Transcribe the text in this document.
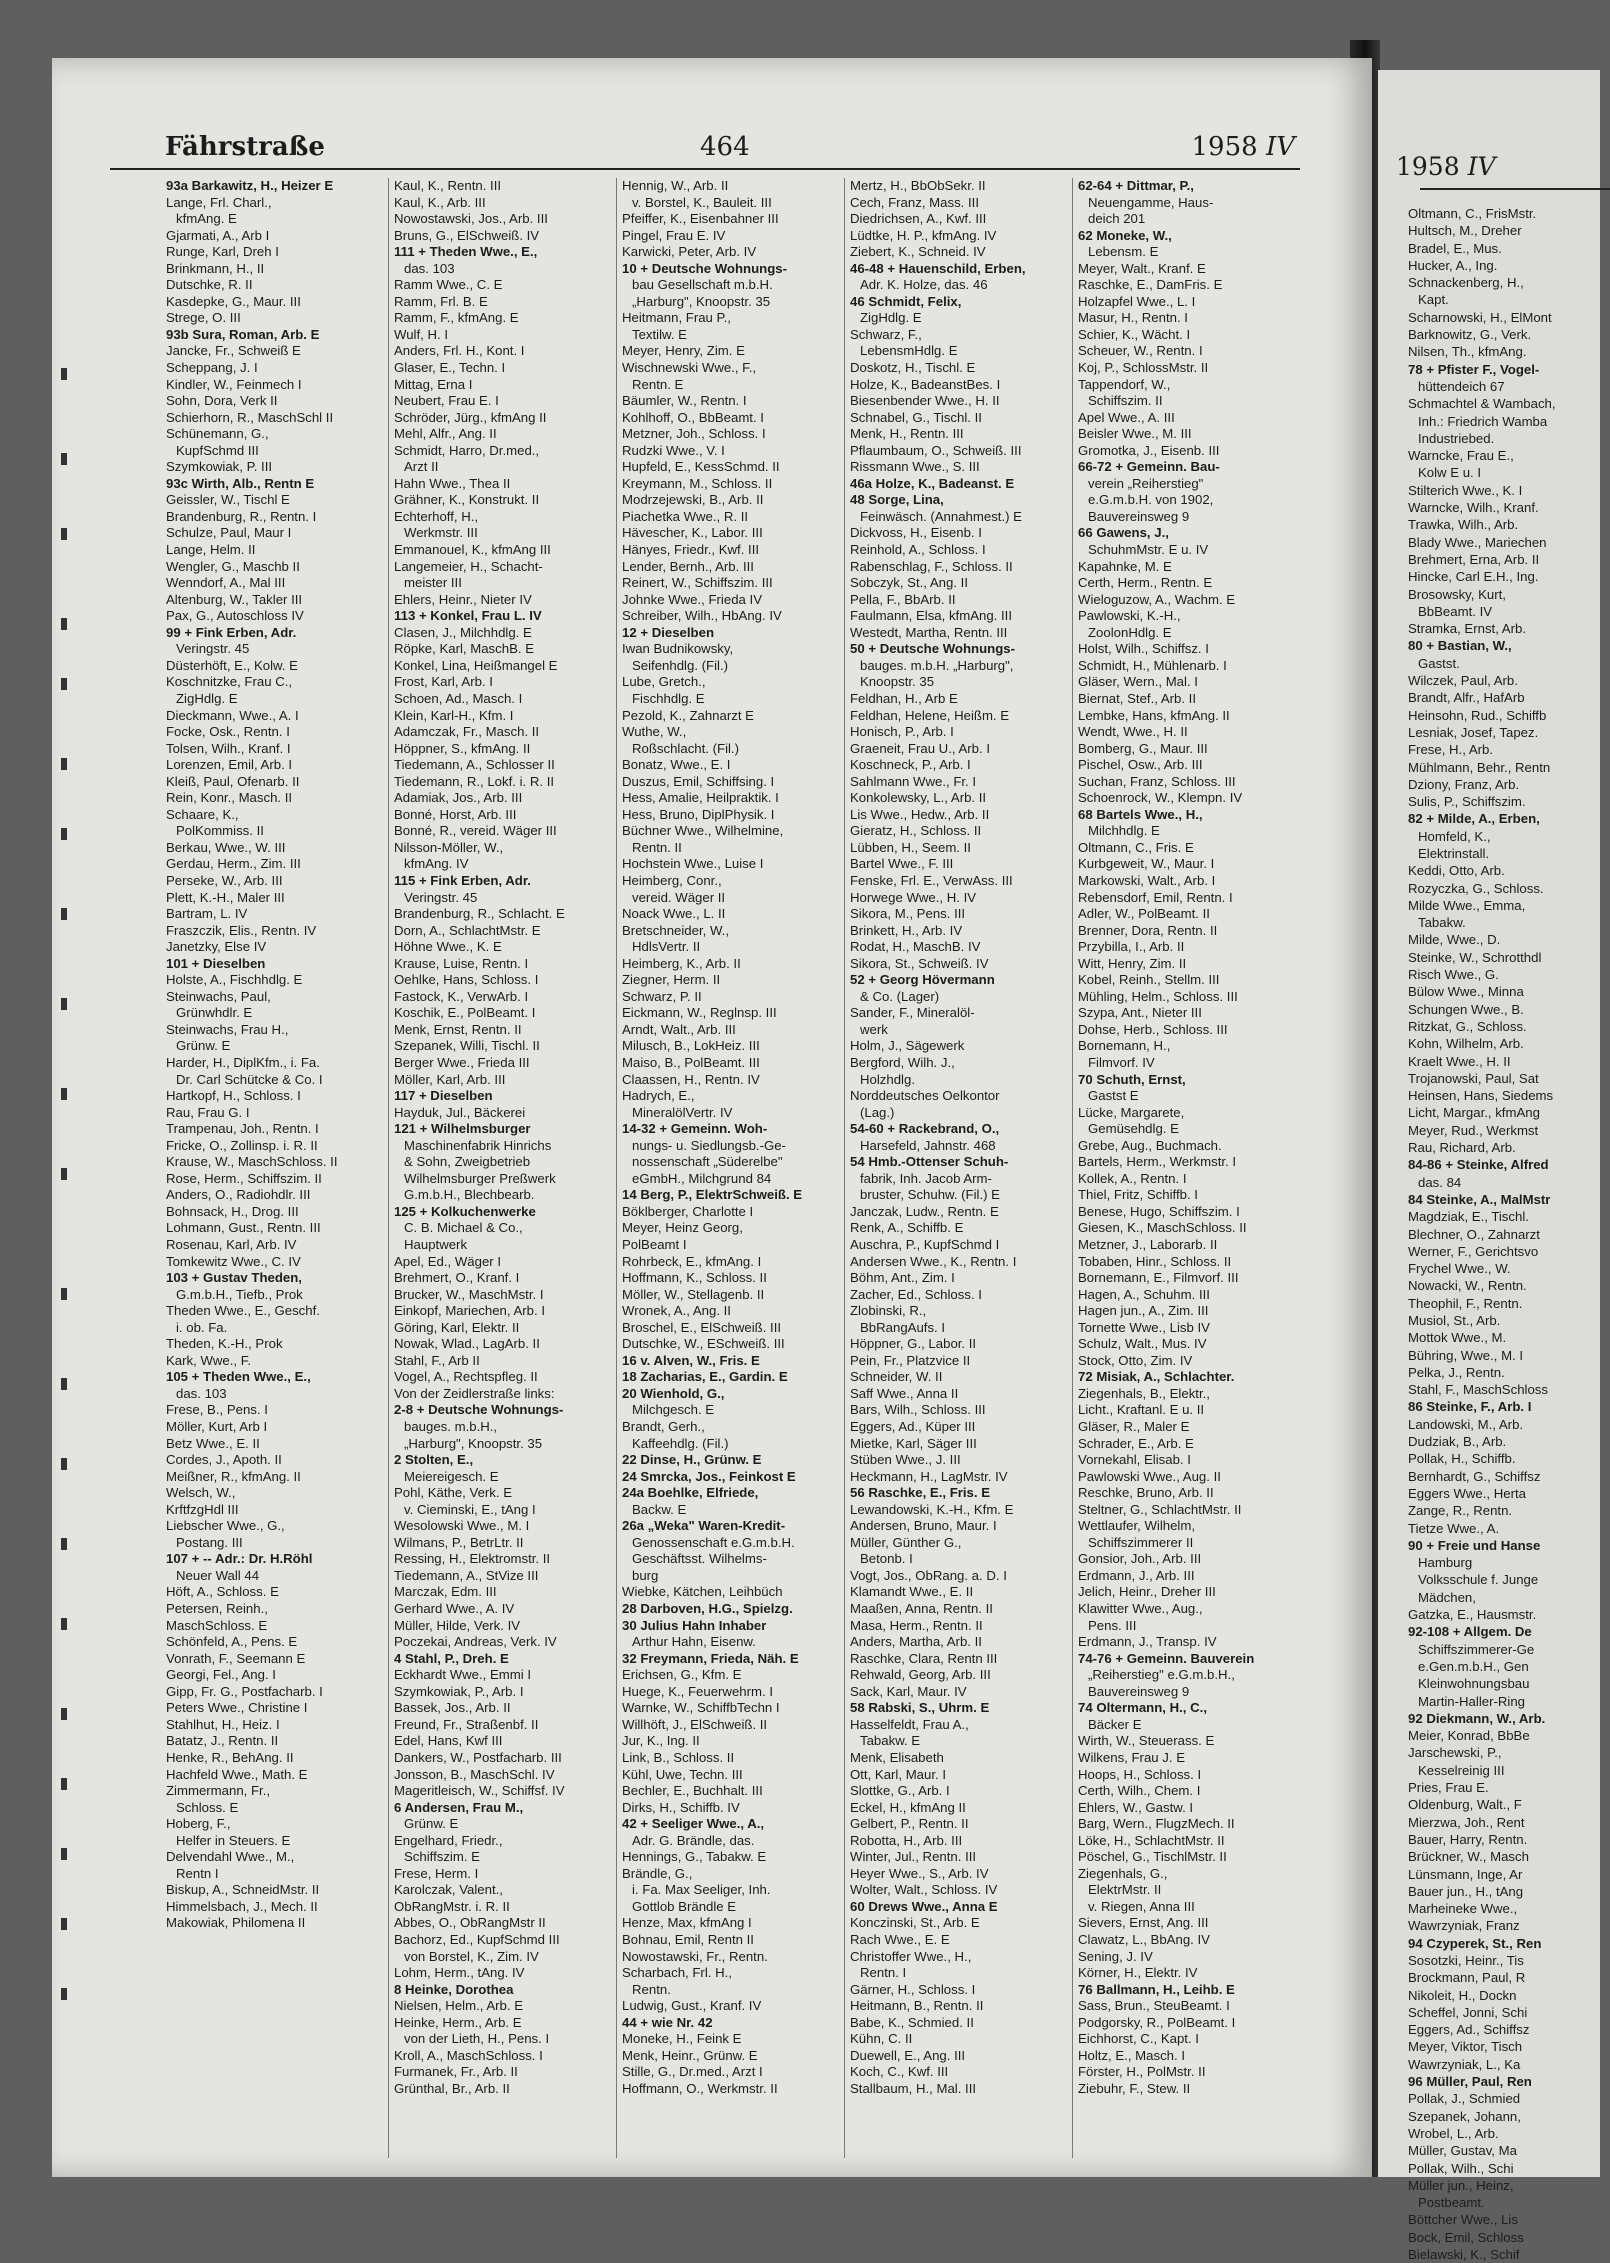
Fährstraße	464	1958 IV
93a Barkawitz, H., Heizer E
Lange, Frl. Charl.,
kfmAng. E
Gjarmati, A., Arb I
Runge, Karl, Dreh I
Brinkmann, H., II
Dutschke, R. II
Kasdepke, G., Maur. III
Strege, O. III
93b Sura, Roman, Arb. E
Jancke, Fr., Schweiß E
Scheppang, J. I
Kindler, W., Feinmech I
Sohn, Dora, Verk II
Schierhorn, R., MaschSchl II
Schünemann, G.,
KupfSchmd III
Szymkowiak, P. III
93c Wirth, Alb., Rentn E
Geissler, W., Tischl E
Brandenburg, R., Rentn. I
Schulze, Paul, Maur I
Lange, Helm. II
Wengler, G., Maschb II
Wenndorf, A., Mal III
Altenburg, W., Takler III
Pax, G., Autoschloss IV
99 + Fink Erben, Adr.
Veringstr. 45
Düsterhöft, E., Kolw. E
Koschnitzke, Frau C.,
ZigHdlg. E
Dieckmann, Wwe., A. I
Focke, Osk., Rentn. I
Tolsen, Wilh., Kranf. I
Lorenzen, Emil, Arb. I
Kleiß, Paul, Ofenarb. II
Rein, Konr., Masch. II
Schaare, K.,
PolKommiss. II
Berkau, Wwe., W. III
Gerdau, Herm., Zim. III
Perseke, W., Arb. III
Plett, K.-H., Maler III
Bartram, L. IV
Fraszczik, Elis., Rentn. IV
Janetzky, Else IV
101 + Dieselben
Holste, A., Fischhdlg. E
Steinwachs, Paul,
Grünwhdlr. E
Steinwachs, Frau H.,
Grünw. E
Harder, H., DiplKfm., i. Fa.
Dr. Carl Schütcke & Co. I
Hartkopf, H., Schloss. I
Rau, Frau G. I
Trampenau, Joh., Rentn. I
Fricke, O., Zollinsp. i. R. II
Krause, W., MaschSchloss. II
Rose, Herm., Schiffszim. II
Anders, O., Radiohdlr. III
Bohnsack, H., Drog. III
Lohmann, Gust., Rentn. III
Rosenau, Karl, Arb. IV
Tomkewitz Wwe., C. IV
103 + Gustav Theden,
G.m.b.H., Tiefb., Prok
Theden Wwe., E., Geschf.
i. ob. Fa.
Theden, K.-H., Prok
Kark, Wwe., F.
105 + Theden Wwe., E.,
das. 103
Frese, B., Pens. I
Möller, Kurt, Arb I
Betz Wwe., E. II
Cordes, J., Apoth. II
Meißner, R., kfmAng. II
Welsch, W.,
KrftfzgHdl III
Liebscher Wwe., G.,
Postang. III
107 + -- Adr.: Dr. H.Röhl
Neuer Wall 44
Höft, A., Schloss. E
Petersen, Reinh.,
MaschSchloss. E
Schönfeld, A., Pens. E
Vonrath, F., Seemann E
Georgi, Fel., Ang. I
Gipp, Fr. G., Postfacharb. I
Peters Wwe., Christine I
Stahlhut, H., Heiz. I
Batatz, J., Rentn. II
Henke, R., BehAng. II
Hachfeld Wwe., Math. E
Zimmermann, Fr.,
Schloss. E
Hoberg, F.,
Helfer in Steuers. E
Delvendahl Wwe., M.,
Rentn I
Biskup, A., SchneidMstr. II
Himmelsbach, J., Mech. II
Makowiak, Philomena II
Kaul, K., Rentn. III
Kaul, K., Arb. III
Nowostawski, Jos., Arb. III
Bruns, G., ElSchweiß. IV
111 + Theden Wwe., E.,
das. 103
Ramm Wwe., C. E
Ramm, Frl. B. E
Ramm, F., kfmAng. E
Wulf, H. I
Anders, Frl. H., Kont. I
Glaser, E., Techn. I
Mittag, Erna I
Neubert, Frau E. I
Schröder, Jürg., kfmAng II
Mehl, Alfr., Ang. II
Schmidt, Harro, Dr.med.,
Arzt II
Hahn Wwe., Thea II
Grähner, K., Konstrukt. II
Echterhoff, H.,
Werkmstr. III
Emmanouel, K., kfmAng III
Langemeier, H., Schacht-
meister III
Ehlers, Heinr., Nieter IV
113 + Konkel, Frau L. IV
Clasen, J., Milchhdlg. E
Röpke, Karl, MaschB. E
Konkel, Lina, Heißmangel E
Frost, Karl, Arb. I
Schoen, Ad., Masch. I
Klein, Karl-H., Kfm. I
Adamczak, Fr., Masch. II
Höppner, S., kfmAng. II
Tiedemann, A., Schlosser II
Tiedemann, R., Lokf. i. R. II
Adamiak, Jos., Arb. III
Bonné, Horst, Arb. III
Bonné, R., vereid. Wäger III
Nilsson-Möller, W.,
kfmAng. IV
115 + Fink Erben, Adr.
Veringstr. 45
Brandenburg, R., Schlacht. E
Dorn, A., SchlachtMstr. E
Höhne Wwe., K. E
Krause, Luise, Rentn. I
Oehlke, Hans, Schloss. I
Fastock, K., VerwArb. I
Koschik, E., PolBeamt. I
Menk, Ernst, Rentn. II
Szepanek, Willi, Tischl. II
Berger Wwe., Frieda III
Möller, Karl, Arb. III
117 + Dieselben
Hayduk, Jul., Bäckerei
121 + Wilhelmsburger
Maschinenfabrik Hinrichs
& Sohn, Zweigbetrieb
Wilhelmsburger Preßwerk
G.m.b.H., Blechbearb.
125 + Kolkuchenwerke
C. B. Michael & Co.,
Hauptwerk
Apel, Ed., Wäger I
Brehmert, O., Kranf. I
Brucker, W., MaschMstr. I
Einkopf, Mariechen, Arb. I
Göring, Karl, Elektr. II
Nowak, Wlad., LagArb. II
Stahl, F., Arb II
Vogel, A., Rechtspfleg. II
Von der Zeidlerstraße links:
2-8 + Deutsche Wohnungs-
bauges. m.b.H.,
„Harburg", Knoopstr. 35
2 Stolten, E.,
Meiereigesch. E
Pohl, Käthe, Verk. E
v. Cieminski, E., tAng I
Wesolowski Wwe., M. I
Wilmans, P., BetrLtr. II
Ressing, H., Elektromstr. II
Tiedemann, A., StVize III
Marczak, Edm. III
Gerhard Wwe., A. IV
Müller, Hilde, Verk. IV
Poczekai, Andreas, Verk. IV
4 Stahl, P., Dreh. E
Eckhardt Wwe., Emmi I
Szymkowiak, P., Arb. I
Bassek, Jos., Arb. II
Freund, Fr., Straßenbf. II
Edel, Hans, Kwf III
Dankers, W., Postfacharb. III
Jonsson, B., MaschSchl. IV
Mageritleisch, W., Schiffsf. IV
6 Andersen, Frau M.,
Grünw. E
Engelhard, Friedr.,
Schiffszim. E
Frese, Herm. I
Karolczak, Valent.,
ObRangMstr. i. R. II
Abbes, O., ObRangMstr II
Bachorz, Ed., KupfSchmd III
von Borstel, K., Zim. IV
Lohm, Herm., tAng. IV
8 Heinke, Dorothea
Nielsen, Helm., Arb. E
Heinke, Herm., Arb. E
von der Lieth, H., Pens. I
Kroll, A., MaschSchloss. I
Furmanek, Fr., Arb. II
Grünthal, Br., Arb. II
Hennig, W., Arb. II
v. Borstel, K., Bauleit. III
Pfeiffer, K., Eisenbahner III
Pingel, Frau E. IV
Karwicki, Peter, Arb. IV
10 + Deutsche Wohnungs-
bau Gesellschaft m.b.H.
„Harburg", Knoopstr. 35
Heitmann, Frau P.,
Textilw. E
Meyer, Henry, Zim. E
Wischnewski Wwe., F.,
Rentn. E
Bäumler, W., Rentn. I
Kohlhoff, O., BbBeamt. I
Metzner, Joh., Schloss. I
Rudzki Wwe., V. I
Hupfeld, E., KessSchmd. II
Kreymann, M., Schloss. II
Modrzejewski, B., Arb. II
Piachetka Wwe., R. II
Hävescher, K., Labor. III
Hänyes, Friedr., Kwf. III
Lender, Bernh., Arb. III
Reinert, W., Schiffszim. III
Johnke Wwe., Frieda IV
Schreiber, Wilh., HbAng. IV
12 + Dieselben
Iwan Budnikowsky,
Seifenhdlg. (Fil.)
Lube, Gretch.,
Fischhdlg. E
Pezold, K., Zahnarzt E
Wuthe, W.,
Roßschlacht. (Fil.)
Bonatz, Wwe., E. I
Duszus, Emil, Schiffsing. I
Hess, Amalie, Heilpraktik. I
Hess, Bruno, DiplPhysik. I
Büchner Wwe., Wilhelmine,
Rentn. II
Hochstein Wwe., Luise I
Heimberg, Conr.,
vereid. Wäger II
Noack Wwe., L. II
Bretschneider, W.,
HdlsVertr. II
Heimberg, K., Arb. II
Ziegner, Herm. II
Schwarz, P. II
Eickmann, W., Reglnsp. III
Arndt, Walt., Arb. III
Milusch, B., LokHeiz. III
Maiso, B., PolBeamt. III
Claassen, H., Rentn. IV
Hadrych, E.,
MineralölVertr. IV
14-32 + Gemeinn. Woh-
nungs- u. Siedlungsb.-Ge-
nossenschaft „Süderelbe"
eGmbH., Milchgrund 84
14 Berg, P., ElektrSchweiß. E
Böklberger, Charlotte I
Meyer, Heinz Georg,
PolBeamt I
Rohrbeck, E., kfmAng. I
Hoffmann, K., Schloss. II
Möller, W., Stellagenb. II
Wronek, A., Ang. II
Broschel, E., ElSchweiß. III
Dutschke, W., ESchweiß. III
16 v. Alven, W., Fris. E
18 Zacharias, E., Gardin. E
20 Wienhold, G.,
Milchgesch. E
Brandt, Gerh.,
Kaffeehdlg. (Fil.)
22 Dinse, H., Grünw. E
24 Smrcka, Jos., Feinkost E
24a Boehlke, Elfriede,
Backw. E
26a „Weka" Waren-Kredit-
Genossenschaft e.G.m.b.H.
Geschäftsst. Wilhelms-
burg
Wiebke, Kätchen, Leihbüch
28 Darboven, H.G., Spielzg.
30 Julius Hahn Inhaber
Arthur Hahn, Eisenw.
32 Freymann, Frieda, Näh. E
Erichsen, G., Kfm. E
Huege, K., Feuerwehrm. I
Warnke, W., SchiffbTechn I
Willhöft, J., ElSchweiß. II
Jur, K., Ing. II
Link, B., Schloss. II
Kühl, Uwe, Techn. III
Bechler, E., Buchhalt. III
Dirks, H., Schiffb. IV
42 + Seeliger Wwe., A.,
Adr. G. Brändle, das.
Hennings, G., Tabakw. E
Brändle, G.,
i. Fa. Max Seeliger, Inh.
Gottlob Brändle E
Henze, Max, kfmAng I
Bohnau, Emil, Rentn II
Nowostawski, Fr., Rentn.
Scharbach, Frl. H.,
Rentn.
Ludwig, Gust., Kranf. IV
44 + wie Nr. 42
Moneke, H., Feink E
Menk, Heinr., Grünw. E
Stille, G., Dr.med., Arzt I
Hoffmann, O., Werkmstr. II
Mertz, H., BbObSekr. II
Cech, Franz, Mass. III
Diedrichsen, A., Kwf. III
Lüdtke, H. P., kfmAng. IV
Ziebert, K., Schneid. IV
46-48 + Hauenschild, Erben,
Adr. K. Holze, das. 46
46 Schmidt, Felix,
ZigHdlg. E
Schwarz, F.,
LebensmHdlg. E
Doskotz, H., Tischl. E
Holze, K., BadeanstBes. I
Biesenbender Wwe., H. II
Schnabel, G., Tischl. II
Menk, H., Rentn. III
Pflaumbaum, O., Schweiß. III
Rissmann Wwe., S. III
46a Holze, K., Badeanst. E
48 Sorge, Lina,
Feinwäsch. (Annahmest.) E
Dickvoss, H., Eisenb. I
Reinhold, A., Schloss. I
Rabenschlag, F., Schloss. II
Sobczyk, St., Ang. II
Pella, F., BbArb. II
Faulmann, Elsa, kfmAng. III
Westedt, Martha, Rentn. III
50 + Deutsche Wohnungs-
bauges. m.b.H. „Harburg",
Knoopstr. 35
Feldhan, H., Arb E
Feldhan, Helene, Heißm. E
Honisch, P., Arb. I
Graeneit, Frau U., Arb. I
Koschneck, P., Arb. I
Sahlmann Wwe., Fr. I
Konkolewsky, L., Arb. II
Lis Wwe., Hedw., Arb. II
Gieratz, H., Schloss. II
Lübben, H., Seem. II
Bartel Wwe., F. III
Fenske, Frl. E., VerwAss. III
Horwege Wwe., H. IV
Sikora, M., Pens. III
Brinkett, H., Arb. IV
Rodat, H., MaschB. IV
Sikora, St., Schweiß. IV
52 + Georg Hövermann
& Co. (Lager)
Sander, F., Mineralöl-
werk
Holm, J., Sägewerk
Bergford, Wilh. J.,
Holzhdlg.
Norddeutsches Oelkontor
(Lag.)
54-60 + Rackebrand, O.,
Harsefeld, Jahnstr. 468
54 Hmb.-Ottenser Schuh-
fabrik, Inh. Jacob Arm-
bruster, Schuhw. (Fil.) E
Janczak, Ludw., Rentn. E
Renk, A., Schiffb. E
Auschra, P., KupfSchmd I
Andersen Wwe., K., Rentn. I
Böhm, Ant., Zim. I
Zacher, Ed., Schloss. I
Zlobinski, R.,
BbRangAufs. I
Höppner, G., Labor. II
Pein, Fr., Platzvice II
Schneider, W. II
Saff Wwe., Anna II
Bars, Wilh., Schloss. III
Eggers, Ad., Küper III
Mietke, Karl, Säger III
Stüben Wwe., J. III
Heckmann, H., LagMstr. IV
56 Raschke, E., Fris. E
Lewandowski, K.-H., Kfm. E
Andersen, Bruno, Maur. I
Müller, Günther G.,
Betonb. I
Vogt, Jos., ObRang. a. D. I
Klamandt Wwe., E. II
Maaßen, Anna, Rentn. II
Masa, Herm., Rentn. II
Anders, Martha, Arb. II
Raschke, Clara, Rentn III
Rehwald, Georg, Arb. III
Sack, Karl, Maur. IV
58 Rabski, S., Uhrm. E
Hasselfeldt, Frau A.,
Tabakw. E
Menk, Elisabeth
Ott, Karl, Maur. I
Slottke, G., Arb. I
Eckel, H., kfmAng II
Gelbert, P., Rentn. II
Robotta, H., Arb. III
Winter, Jul., Rentn. III
Heyer Wwe., S., Arb. IV
Wolter, Walt., Schloss. IV
60 Drews Wwe., Anna E
Konczinski, St., Arb. E
Rach Wwe., E. E
Christoffer Wwe., H.,
Rentn. I
Gärner, H., Schloss. I
Heitmann, B., Rentn. II
Babe, K., Schmied. II
Kühn, C. II
Duewell, E., Ang. III
Koch, C., Kwf. III
Stallbaum, H., Mal. III
62-64 + Dittmar, P.,
Neuengamme, Haus-
deich 201
62 Moneke, W.,
Lebensm. E
Meyer, Walt., Kranf. E
Raschke, E., DamFris. E
Holzapfel Wwe., L. I
Masur, H., Rentn. I
Schier, K., Wächt. I
Scheuer, W., Rentn. I
Koj, P., SchlossMstr. II
Tappendorf, W.,
Schiffszim. II
Apel Wwe., A. III
Beisler Wwe., M. III
Gromotka, J., Eisenb. III
66-72 + Gemeinn. Bau-
verein „Reiherstieg"
e.G.m.b.H. von 1902,
Bauvereinsweg 9
66 Gawens, J.,
SchuhmMstr. E u. IV
Kapahnke, M. E
Certh, Herm., Rentn. E
Wieloguzow, A., Wachm. E
Pawlowski, K.-H.,
ZoolonHdlg. E
Holst, Wilh., Schiffsz. I
Schmidt, H., Mühlenarb. I
Gläser, Wern., Mal. I
Biernat, Stef., Arb. II
Lembke, Hans, kfmAng. II
Wendt, Wwe., H. II
Bomberg, G., Maur. III
Pischel, Osw., Arb. III
Suchan, Franz, Schloss. III
Schoenrock, W., Klempn. IV
68 Bartels Wwe., H.,
Milchhdlg. E
Oltmann, C., Fris. E
Kurbgeweit, W., Maur. I
Markowski, Walt., Arb. I
Rebensdorf, Emil, Rentn. I
Adler, W., PolBeamt. II
Brenner, Dora, Rentn. II
Przybilla, I., Arb. II
Witt, Henry, Zim. II
Kobel, Reinh., Stellm. III
Mühling, Helm., Schloss. III
Szypa, Ant., Nieter III
Dohse, Herb., Schloss. III
Bornemann, H.,
Filmvorf. IV
70 Schuth, Ernst,
Gastst E
Lücke, Margarete,
Gemüsehdlg. E
Grebe, Aug., Buchmach.
Bartels, Herm., Werkmstr. I
Kollek, A., Rentn. I
Thiel, Fritz, Schiffb. I
Benese, Hugo, Schiffszim. I
Giesen, K., MaschSchloss. II
Metzner, J., Laborarb. II
Tobaben, Hinr., Schloss. II
Bornemann, E., Filmvorf. III
Hagen, A., Schuhm. III
Hagen jun., A., Zim. III
Tornette Wwe., Lisb IV
Schulz, Walt., Mus. IV
Stock, Otto, Zim. IV
72 Misiak, A., Schlachter.
Ziegenhals, B., Elektr.,
Licht., Kraftanl. E u. II
Gläser, R., Maler E
Schrader, E., Arb. E
Vornekahl, Elisab. I
Pawlowski Wwe., Aug. II
Reschke, Bruno, Arb. II
Steltner, G., SchlachtMstr. II
Wettlaufer, Wilhelm,
Schiffszimmerer II
Gonsior, Joh., Arb. III
Erdmann, J., Arb. III
Jelich, Heinr., Dreher III
Klawitter Wwe., Aug.,
Pens. III
Erdmann, J., Transp. IV
74-76 + Gemeinn. Bauverein
„Reiherstieg" e.G.m.b.H.,
Bauvereinsweg 9
74 Oltermann, H., C.,
Bäcker E
Wirth, W., Steuerass. E
Wilkens, Frau J. E
Hoops, H., Schloss. I
Certh, Wilh., Chem. I
Ehlers, W., Gastw. I
Barg, Wern., FlugzMech. II
Löke, H., SchlachtMstr. II
Pöschel, G., TischlMstr. II
Ziegenhals, G.,
ElektrMstr. II
v. Riegen, Anna III
Sievers, Ernst, Ang. III
Clawatz, L., BbAng. IV
Sening, J. IV
Körner, H., Elektr. IV
76 Ballmann, H., Leihb. E
Sass, Brun., SteuBeamt. I
Podgorsky, R., PolBeamt. I
Eichhorst, C., Kapt. I
Holtz, E., Masch. I
Förster, H., PolMstr. II
Ziebuhr, F., Stew. II
1958 IV
Oltmann, C., FrisMstr.
Hultsch, M., Dreher
Bradel, E., Mus.
Hucker, A., Ing.
Schnackenberg, H.,
Kapt.
Scharnowski, H., ElMont
Barknowitz, G., Verk.
Nilsen, Th., kfmAng.
78 + Pfister F., Vogel-
hüttendeich 67
Schmachtel & Wambach,
Inh.: Friedrich Wamba
Industriebed.
Warncke, Frau E.,
Kolw E u. I
Stilterich Wwe., K. I
Warncke, Wilh., Kranf.
Trawka, Wilh., Arb.
Blady Wwe., Mariechen
Brehmert, Erna, Arb. II
Hincke, Carl E.H., Ing.
Brosowsky, Kurt,
BbBeamt. IV
Stramka, Ernst, Arb.
80 + Bastian, W.,
Gastst.
Wilczek, Paul, Arb.
Brandt, Alfr., HafArb
Heinsohn, Rud., Schiffb
Lesniak, Josef, Tapez.
Frese, H., Arb.
Mühlmann, Behr., Rentn
Dziony, Franz, Arb.
Sulis, P., Schiffszim.
82 + Milde, A., Erben,
Homfeld, K.,
Elektrinstall.
Keddi, Otto, Arb.
Rozyczka, G., Schloss.
Milde Wwe., Emma,
Tabakw.
Milde, Wwe., D.
Steinke, W., Schrotthdl
Risch Wwe., G.
Bülow Wwe., Minna
Schungen Wwe., B.
Ritzkat, G., Schloss.
Kohn, Wilhelm, Arb.
Kraelt Wwe., H. II
Trojanowski, Paul, Sat
Heinsen, Hans, Siedems
Licht, Margar., kfmAng
Meyer, Rud., Werkmst
Rau, Richard, Arb.
84-86 + Steinke, Alfred
das. 84
84 Steinke, A., MalMstr
Magdziak, E., Tischl.
Blechner, O., Zahnarzt
Werner, F., Gerichtsvo
Frychel Wwe., W.
Nowacki, W., Rentn.
Theophil, F., Rentn.
Musiol, St., Arb.
Mottok Wwe., M.
Bühring, Wwe., M. I
Pelka, J., Rentn.
Stahl, F., MaschSchloss
86 Steinke, F., Arb. I
Landowski, M., Arb.
Dudziak, B., Arb.
Pollak, H., Schiffb.
Bernhardt, G., Schiffsz
Eggers Wwe., Herta
Zange, R., Rentn.
Tietze Wwe., A.
90 + Freie und Hanse
Hamburg
Volksschule f. Junge
Mädchen,
Gatzka, E., Hausmstr.
92-108 + Allgem. De
Schiffszimmerer-Ge
e.Gen.m.b.H., Gen
Kleinwohnungsbau
Martin-Haller-Ring
92 Diekmann, W., Arb.
Meier, Konrad, BbBe
Jarschewski, P.,
Kesselreinig III
Pries, Frau E.
Oldenburg, Walt., F
Mierzwa, Joh., Rent
Bauer, Harry, Rentn.
Brückner, W., Masch
Lünsmann, Inge, Ar
Bauer jun., H., tAng
Marheineke Wwe.,
Wawrzyniak, Franz
94 Czyperek, St., Ren
Sosotzki, Heinr., Tis
Brockmann, Paul, R
Nikoleit, H., Dockn
Scheffel, Jonni, Schi
Eggers, Ad., Schiffsz
Meyer, Viktor, Tisch
Wawrzyniak, L., Ka
96 Müller, Paul, Ren
Pollak, J., Schmied
Szepanek, Johann,
Wrobel, L., Arb.
Müller, Gustav, Ma
Pollak, Wilh., Schi
Müller jun., Heinz,
Postbeamt.
Böttcher Wwe., Lis
Bock, Emil, Schloss
Bielawski, K., Schif
